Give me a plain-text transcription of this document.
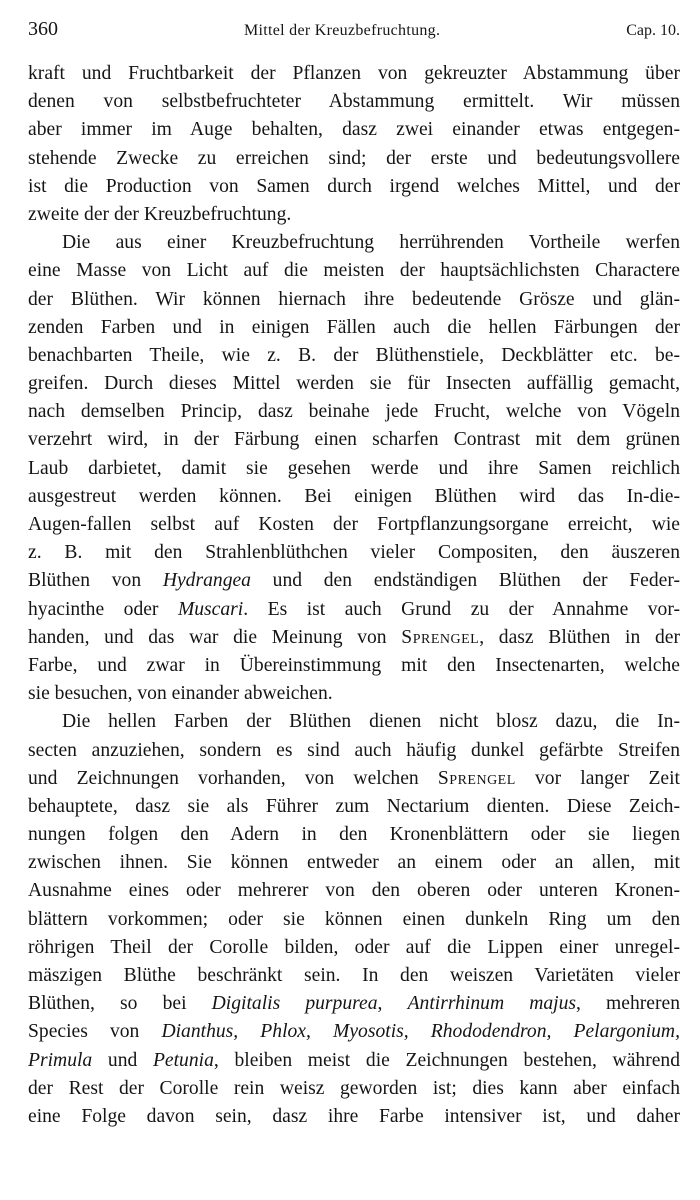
360	Mittel der Kreuzbefruchtung.	Cap. 10.
kraft und Fruchtbarkeit der Pflanzen von gekreuzter Abstammung über
denen von selbstbefruchteter Abstammung ermittelt. Wir müssen
aber immer im Auge behalten, dasz zwei einander etwas entgegen-
stehende Zwecke zu erreichen sind; der erste und bedeutungsvollere
ist die Production von Samen durch irgend welches Mittel, und der
zweite der der Kreuzbefruchtung.
Die aus einer Kreuzbefruchtung herrührenden Vortheile werfen
eine Masse von Licht auf die meisten der hauptsächlichsten Charactere
der Blüthen. Wir können hiernach ihre bedeutende Grösze und glän-
zenden Farben und in einigen Fällen auch die hellen Färbungen der
benachbarten Theile, wie z. B. der Blüthenstiele, Deckblätter etc. be-
greifen. Durch dieses Mittel werden sie für Insecten auffällig gemacht,
nach demselben Princip, dasz beinahe jede Frucht, welche von Vögeln
verzehrt wird, in der Färbung einen scharfen Contrast mit dem grünen
Laub darbietet, damit sie gesehen werde und ihre Samen reichlich
ausgestreut werden können. Bei einigen Blüthen wird das In-die-
Augen-fallen selbst auf Kosten der Fortpflanzungsorgane erreicht, wie
z. B. mit den Strahlenblüthchen vieler Compositen, den äuszeren
Blüthen von Hydrangea und den endständigen Blüthen der Feder-
hyacinthe oder Muscari. Es ist auch Grund zu der Annahme vor-
handen, und das war die Meinung von Sprengel, dasz Blüthen in der
Farbe, und zwar in Übereinstimmung mit den Insectenarten, welche
sie besuchen, von einander abweichen.
Die hellen Farben der Blüthen dienen nicht blosz dazu, die In-
secten anzuziehen, sondern es sind auch häufig dunkel gefärbte Streifen
und Zeichnungen vorhanden, von welchen Sprengel vor langer Zeit
behauptete, dasz sie als Führer zum Nectarium dienten. Diese Zeich-
nungen folgen den Adern in den Kronenblättern oder sie liegen
zwischen ihnen. Sie können entweder an einem oder an allen, mit
Ausnahme eines oder mehrerer von den oberen oder unteren Kronen-
blättern vorkommen; oder sie können einen dunkeln Ring um den
röhrigen Theil der Corolle bilden, oder auf die Lippen einer unregel-
mäszigen Blüthe beschränkt sein. In den weiszen Varietäten vieler
Blüthen, so bei Digitalis purpurea, Antirrhinum majus, mehreren
Species von Dianthus, Phlox, Myosotis, Rhododendron, Pelargonium,
Primula und Petunia, bleiben meist die Zeichnungen bestehen, während
der Rest der Corolle rein weisz geworden ist; dies kann aber einfach
eine Folge davon sein, dasz ihre Farbe intensiver ist, und daher
